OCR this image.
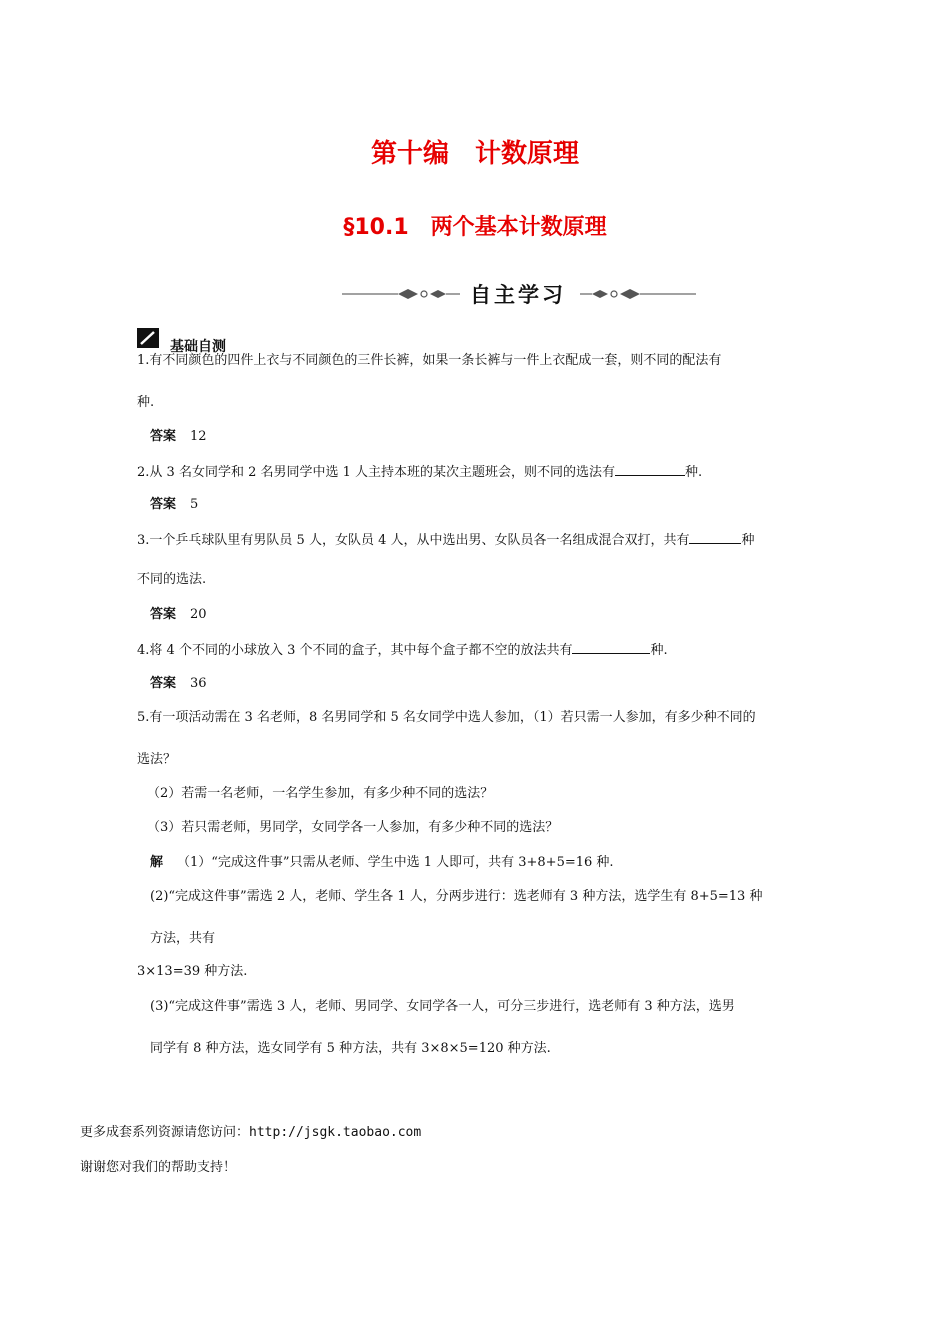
第十编　计数原理
§10.1　两个基本计数原理
自主学习
基础自测
1.有不同颜色的四件上衣与不同颜色的三件长裤，如果一条长裤与一件上衣配成一套，则不同的配法有
种.
答案 12
2.从 3 名女同学和 2 名男同学中选 1 人主持本班的某次主题班会，则不同的选法有	种.
答案 5
3.一个乒乓球队里有男队员 5 人，女队员 4 人，从中选出男、女队员各一名组成混合双打，共有	种
不同的选法.
答案 20
4.将 4 个不同的小球放入 3 个不同的盒子，其中每个盒子都不空的放法共有	种.
答案 36
5.有一项活动需在 3 名老师，8 名男同学和 5 名女同学中选人参加，（1）若只需一人参加，有多少种不同的
选法？
（2）若需一名老师，一名学生参加，有多少种不同的选法？
（3）若只需老师，男同学，女同学各一人参加，有多少种不同的选法？
解 （1）“完成这件事”只需从老师、学生中选 1 人即可，共有 3+8+5=16 种.
(2)“完成这件事”需选 2 人，老师、学生各 1 人，分两步进行：选老师有 3 种方法，选学生有 8+5=13 种
方法，共有
3×13=39 种方法.
(3)“完成这件事”需选 3 人，老师、男同学、女同学各一人，可分三步进行，选老师有 3 种方法，选男
同学有 8 种方法，选女同学有 5 种方法，共有 3×8×5=120 种方法.
更多成套系列资源请您访问：http://jsgk.taobao.com
谢谢您对我们的帮助支持！
